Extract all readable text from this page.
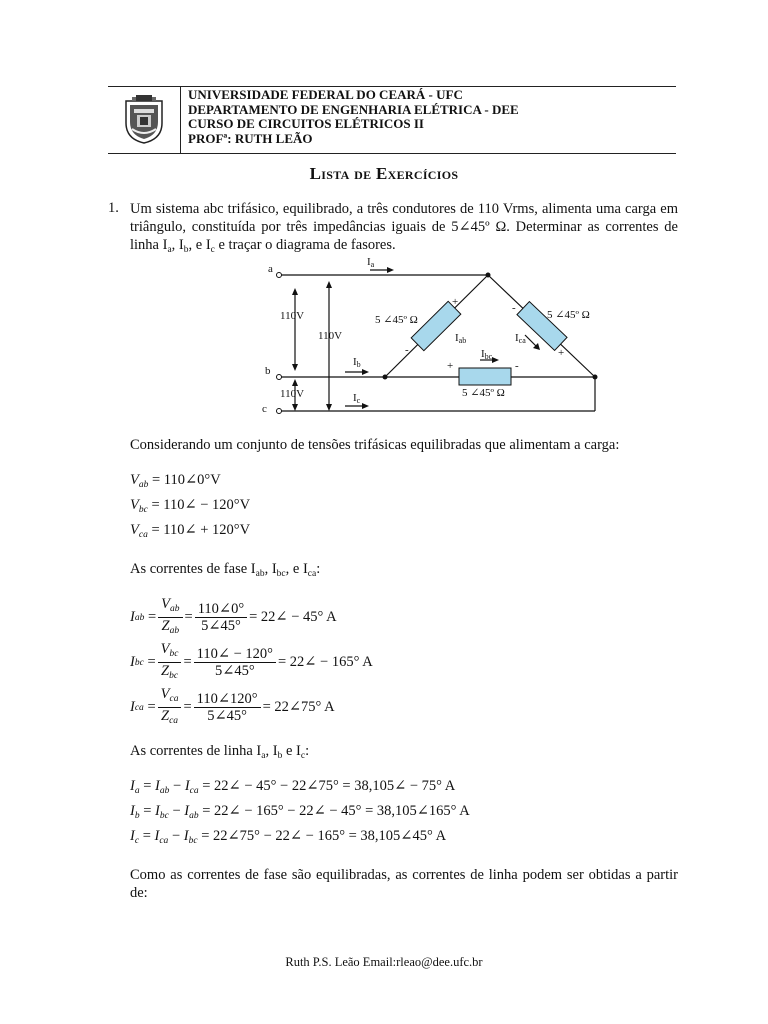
UNIVERSIDADE FEDERAL DO CEARÁ - UFC
DEPARTAMENTO DE ENGENHARIA ELÉTRICA - DEE
CURSO DE CIRCUITOS ELÉTRICOS II
PROFª: RUTH LEÃO
Lista de Exercícios
1. Um sistema abc trifásico, equilibrado, a três condutores de 110 Vrms, alimenta uma carga em triângulo, constituída por três impedâncias iguais de 5∠45º Ω. Determinar as correntes de linha $I_a$, $I_b$, e $I_c$ e traçar o diagrama de fasores.
a
b
c
110V
110V
110V
5 ∠45º Ω	5 ∠45º Ω
5 ∠45º Ω
Ia
Ib
Ic
Iab	Ica
Ibc
+
-
-
+
+	-
Considerando um conjunto de tensões trifásicas equilibradas que alimentam a carga:
$V_{ab}$ = 110∠0°V
$V_{bc}$ = 110∠ − 120°V
$V_{ca}$ = 110∠ + 120°V
As correntes de fase $I_{ab}$, $I_{bc}$, e $I_{ca}$:
I ab
= $\frac{V_{ab}}{Z_{ab}} = \frac{110\angle 0^\circ}{5\angle 45^\circ}$ = 22∠ − 45° A
I bc
= $\frac{V_{bc}}{Z_{bc}} = \frac{110\angle - 120^\circ}{5\angle 45^\circ}$ = 22∠ − 165° A
I ca
= $\frac{V_{ca}}{Z_{ca}} = \frac{110\angle 120^\circ}{5\angle 45^\circ}$ = 22∠75° A
As correntes de linha $I_a$, $I_b$ e $I_c$:
$I_a = I_{ab} - I_{ca}$ = 22∠ − 45° − 22∠75° = 38,105∠ − 75° A
$I_b = I_{bc} - I_{ab}$ = 22∠ − 165° − 22∠ − 45° = 38,105∠165° A
$I_c = I_{ca} - I_{bc}$ = 22∠75° − 22∠ − 165° = 38,105∠45° A
Como as correntes de fase são equilibradas, as correntes de linha podem ser obtidas a partir de:
Ruth P.S. Leão Email:rleao@dee.ufc.br
